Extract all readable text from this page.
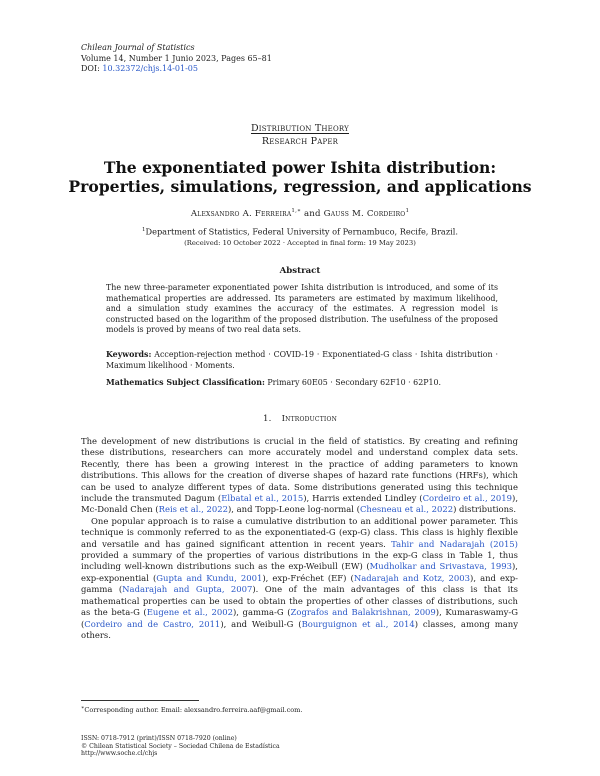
Chilean Journal of Statistics
Volume 14, Number 1 Junio 2023, Pages 65–81
DOI: 10.32372/chjs.14-01-05
Distribution Theory
Research Paper
The exponentiated power Ishita distribution:
Properties, simulations, regression, and applications
Alexsandro A. Ferreira$^{1,∗}$ and Gauss M. Cordeiro$^1$
$^1$Department of Statistics, Federal University of Pernambuco, Recife, Brazil.
(Received: 10 October 2022 · Accepted in final form: 19 May 2023)
Abstract
The new three-parameter exponentiated power Ishita distribution is introduced, and some of its mathematical properties are addressed. Its parameters are estimated by maximum likelihood, and a simulation study examines the accuracy of the estimates. A regression model is constructed based on the logarithm of the proposed distribution. The usefulness of the proposed models is proved by means of two real data sets.
Keywords: Acception-rejection method · COVID-19 · Exponentiated-G class · Ishita distribution · Maximum likelihood · Moments.
Mathematics Subject Classification: Primary 60E05 · Secondary 62F10 · 62P10.
1. Introduction

The development of new distributions is crucial in the field of statistics. By creating and refining these distributions, researchers can more accurately model and understand complex data sets. Recently, there has been a growing interest in the practice of adding parameters to known distributions. This allows for the creation of diverse shapes of hazard rate functions (HRFs), which can be used to analyze different types of data. Some distributions generated using this technique include the transmuted Dagum (Elbatal et al., 2015), Harris extended Lindley (Cordeiro et al., 2019), Mc-Donald Chen (Reis et al., 2022), and Topp-Leone log-normal (Chesneau et al., 2022) distributions.

One popular approach is to raise a cumulative distribution to an additional power parameter. This technique is commonly referred to as the exponentiated-G (exp-G) class. This class is highly flexible and versatile and has gained significant attention in recent years. Tahir and Nadarajah (2015) provided a summary of the properties of various distributions in the exp-G class in Table 1, thus including well-known distributions such as the exp-Weibull (EW) (Mudholkar and Srivastava, 1993), exp-exponential (Gupta and Kundu, 2001), exp-Fréchet (EF) (Nadarajah and Kotz, 2003), and exp-gamma (Nadarajah and Gupta, 2007). One of the main advantages of this class is that its mathematical properties can be used to obtain the properties of other classes of distributions, such as the beta-G (Eugene et al., 2002), gamma-G (Zografos and Balakrishnan, 2009), Kumaraswamy-G (Cordeiro and de Castro, 2011), and Weibull-G (Bourguignon et al., 2014) classes, among many others.

∗Corresponding author. Email: alexsandro.ferreira.aaf@gmail.com.
ISSN: 0718-7912 (print)/ISSN 0718-7920 (online)
© Chilean Statistical Society – Sociedad Chilena de Estadística
http://www.soche.cl/chjs
